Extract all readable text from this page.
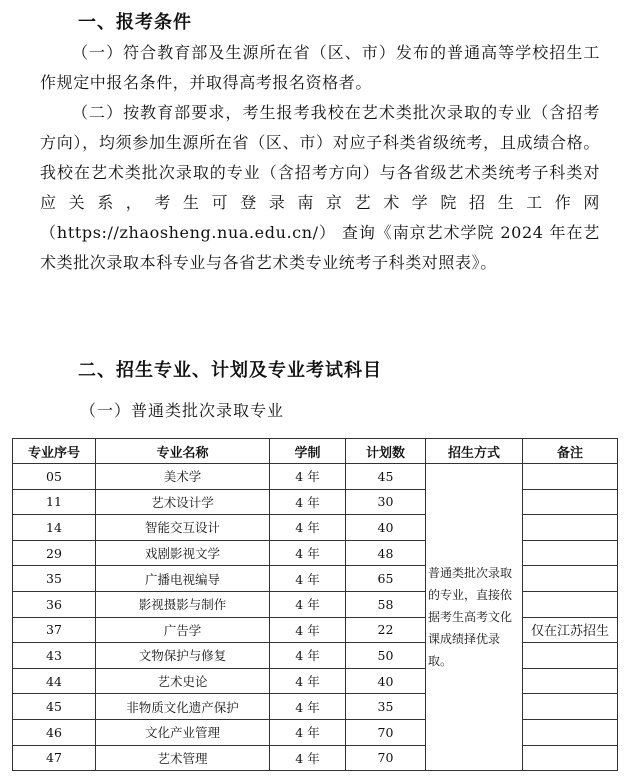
一、报考条件

（一）符合教育部及生源所在省（区、市）发布的普通高等学校招生工作规定中报名条件，并取得高考报名资格者。

（二）按教育部要求，考生报考我校在艺术类批次录取的专业（含招考方向），均须参加生源所在省（区、市）对应子科类省级统考，且成绩合格。我校在艺术类批次录取的专业（含招考方向）与各省级艺术类统考子科类对应关系，考生可登录南京艺术学院招生工作网（https://zhaosheng.nua.edu.cn/） 查询《南京艺术学院 2024 年在艺术类批次录取本科专业与各省艺术类专业统考子科类对照表》。

二、招生专业、计划及专业考试科目
（一）普通类批次录取专业
专业序号	专业名称	学制	计划数	招生方式	备注
05	美术学	4 年	45	普通类批次录取的专业，直接依据考生高考文化课成绩择优录取。	
11	艺术设计学	4 年	30		
14	智能交互设计	4 年	40		
29	戏剧影视文学	4 年	48		
35	广播电视编导	4 年	65		
36	影视摄影与制作	4 年	58		
37	广告学	4 年	22		仅在江苏招生
43	文物保护与修复	4 年	50		
44	艺术史论	4 年	40		
45	非物质文化遗产保护	4 年	35		
46	文化产业管理	4 年	70		
47	艺术管理	4 年	70		
